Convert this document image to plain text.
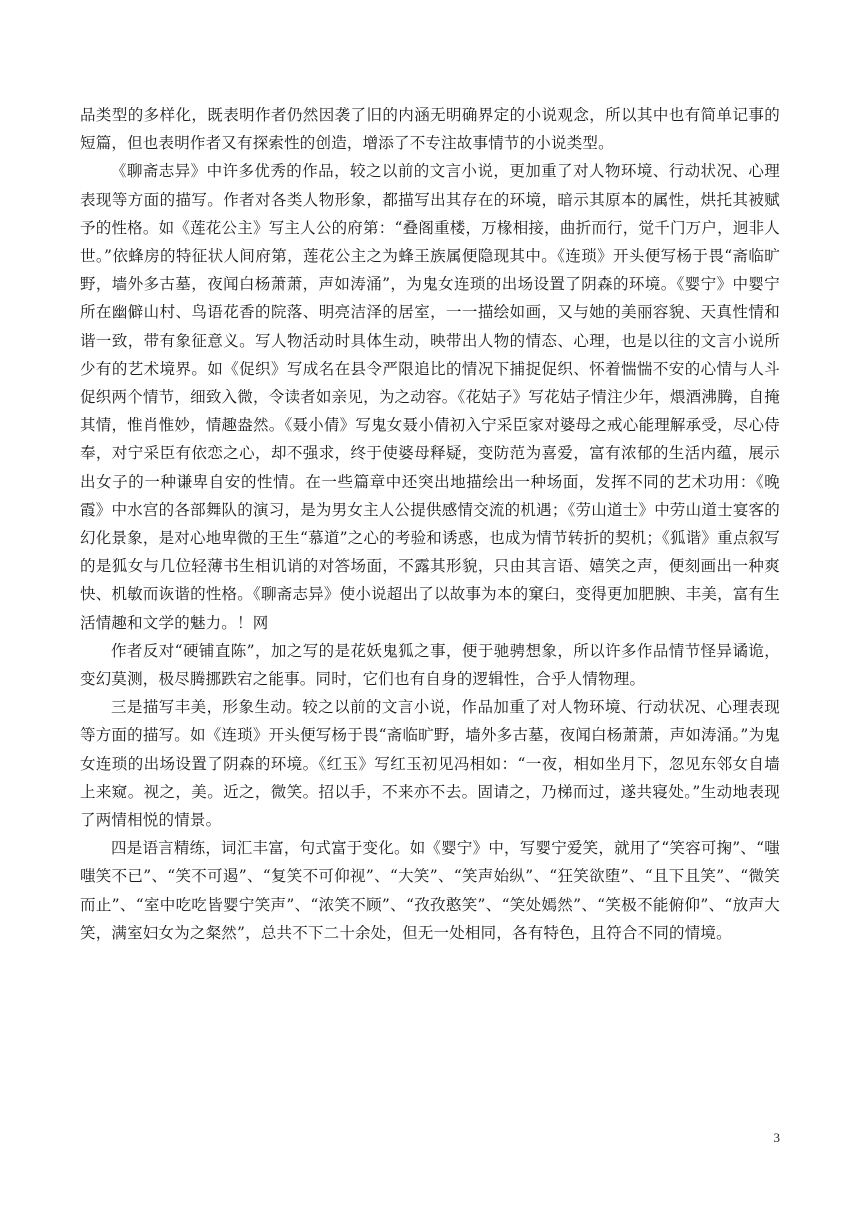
品类型的多样化，既表明作者仍然因袭了旧的内涵无明确界定的小说观念，所以其中也有简单记事的短篇，但也表明作者又有探索性的创造，增添了不专注故事情节的小说类型。

《聊斋志异》中许多优秀的作品，较之以前的文言小说，更加重了对人物环境、行动状况、心理表现等方面的描写。作者对各类人物形象，都描写出其存在的环境，暗示其原本的属性，烘托其被赋予的性格。如《莲花公主》写主人公的府第：“叠阁重楼，万椽相接，曲折而行，觉千门万户，迥非人世。”依蜂房的特征状人间府第，莲花公主之为蜂王族属便隐现其中。《连琐》开头便写杨于畏“斋临旷野，墙外多古墓，夜闻白杨萧萧，声如涛涌”，为鬼女连琐的出场设置了阴森的环境。《婴宁》中婴宁所在幽僻山村、鸟语花香的院落、明亮洁泽的居室，一一描绘如画，又与她的美丽容貌、天真性情和谐一致，带有象征意义。写人物活动时具体生动，映带出人物的情态、心理，也是以往的文言小说所少有的艺术境界。如《促织》写成名在县令严限追比的情况下捕捉促织、怀着惴惴不安的心情与人斗促织两个情节，细致入微，令读者如亲见，为之动容。《花姑子》写花姑子情注少年，煨酒沸腾，自掩其情，惟肖惟妙，情趣盎然。《聂小倩》写鬼女聂小倩初入宁采臣家对婆母之戒心能理解承受，尽心侍奉，对宁采臣有依恋之心，却不强求，终于使婆母释疑，变防范为喜爱，富有浓郁的生活内蕴，展示出女子的一种谦卑自安的性情。在一些篇章中还突出地描绘出一种场面，发挥不同的艺术功用：《晚霞》中水宫的各部舞队的演习，是为男女主人公提供感情交流的机遇；《劳山道士》中劳山道士宴客的幻化景象，是对心地卑微的王生“慕道”之心的考验和诱惑，也成为情节转折的契机；《狐谐》重点叙写的是狐女与几位轻薄书生相讥诮的对答场面，不露其形貌，只由其言语、嬉笑之声，便刻画出一种爽快、机敏而诙谐的性格。《聊斋志异》使小说超出了以故事为本的窠臼，变得更加肥腴、丰美，富有生活情趣和文学的魅力。！网

作者反对“硬铺直陈”，加之写的是花妖鬼狐之事，便于驰骋想象，所以许多作品情节怪异谲诡，变幻莫测，极尽腾挪跌宕之能事。同时，它们也有自身的逻辑性，合乎人情物理。

三是描写丰美，形象生动。较之以前的文言小说，作品加重了对人物环境、行动状况、心理表现等方面的描写。如《连琐》开头便写杨于畏“斋临旷野，墙外多古墓，夜闻白杨萧萧，声如涛涌。”为鬼女连琐的出场设置了阴森的环境。《红玉》写红玉初见冯相如：“一夜，相如坐月下，忽见东邻女自墙上来窥。视之，美。近之，微笑。招以手，不来亦不去。固请之，乃梯而过，遂共寝处。”生动地表现了两情相悦的情景。

四是语言精练，词汇丰富，句式富于变化。如《婴宁》中，写婴宁爱笑，就用了“笑容可掬”、“嗤嗤笑不已”、“笑不可遏”、“复笑不可仰视”、“大笑”、“笑声始纵”、“狂笑欲堕”、“且下且笑”、“微笑而止”、“室中吃吃皆婴宁笑声”、“浓笑不顾”、“孜孜憨笑”、“笑处嫣然”、“笑极不能俯仰”、“放声大笑，满室妇女为之粲然”，总共不下二十余处，但无一处相同，各有特色，且符合不同的情境。

3
